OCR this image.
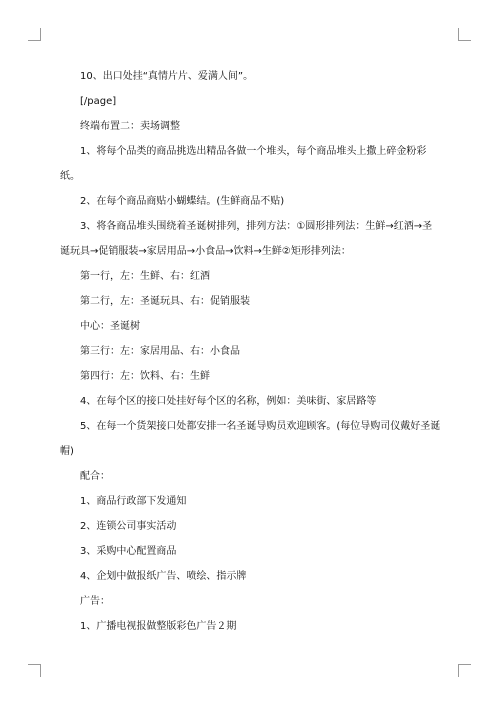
10、出口处挂“真情片片、爱满人间”。

[/page]

终端布置二：卖场调整

1、将每个品类的商品挑选出精品各做一个堆头，每个商品堆头上撒上碎金粉彩纸。

2、在每个商品商贴小蝴蝶结。(生鲜商品不贴)

3、将各商品堆头围绕着圣诞树排列，排列方法：①圆形排列法：生鲜→红酒→圣诞玩具→促销服装→家居用品→小食品→饮料→生鲜②矩形排列法：

第一行，左：生鲜、右：红酒

第二行，左：圣诞玩具、右：促销服装

中心：圣诞树

第三行：左：家居用品、右：小食品

第四行：左：饮料、右：生鲜

4、在每个区的接口处挂好每个区的名称，例如：美味街、家居路等

5、在每一个货架接口处都安排一名圣诞导购员欢迎顾客。(每位导购司仪戴好圣诞帽)

配合：

1、商品行政部下发通知

2、连锁公司事实活动

3、采购中心配置商品

4、企划中做报纸广告、喷绘、指示牌

广告：

1、广播电视报做整版彩色广告２期
